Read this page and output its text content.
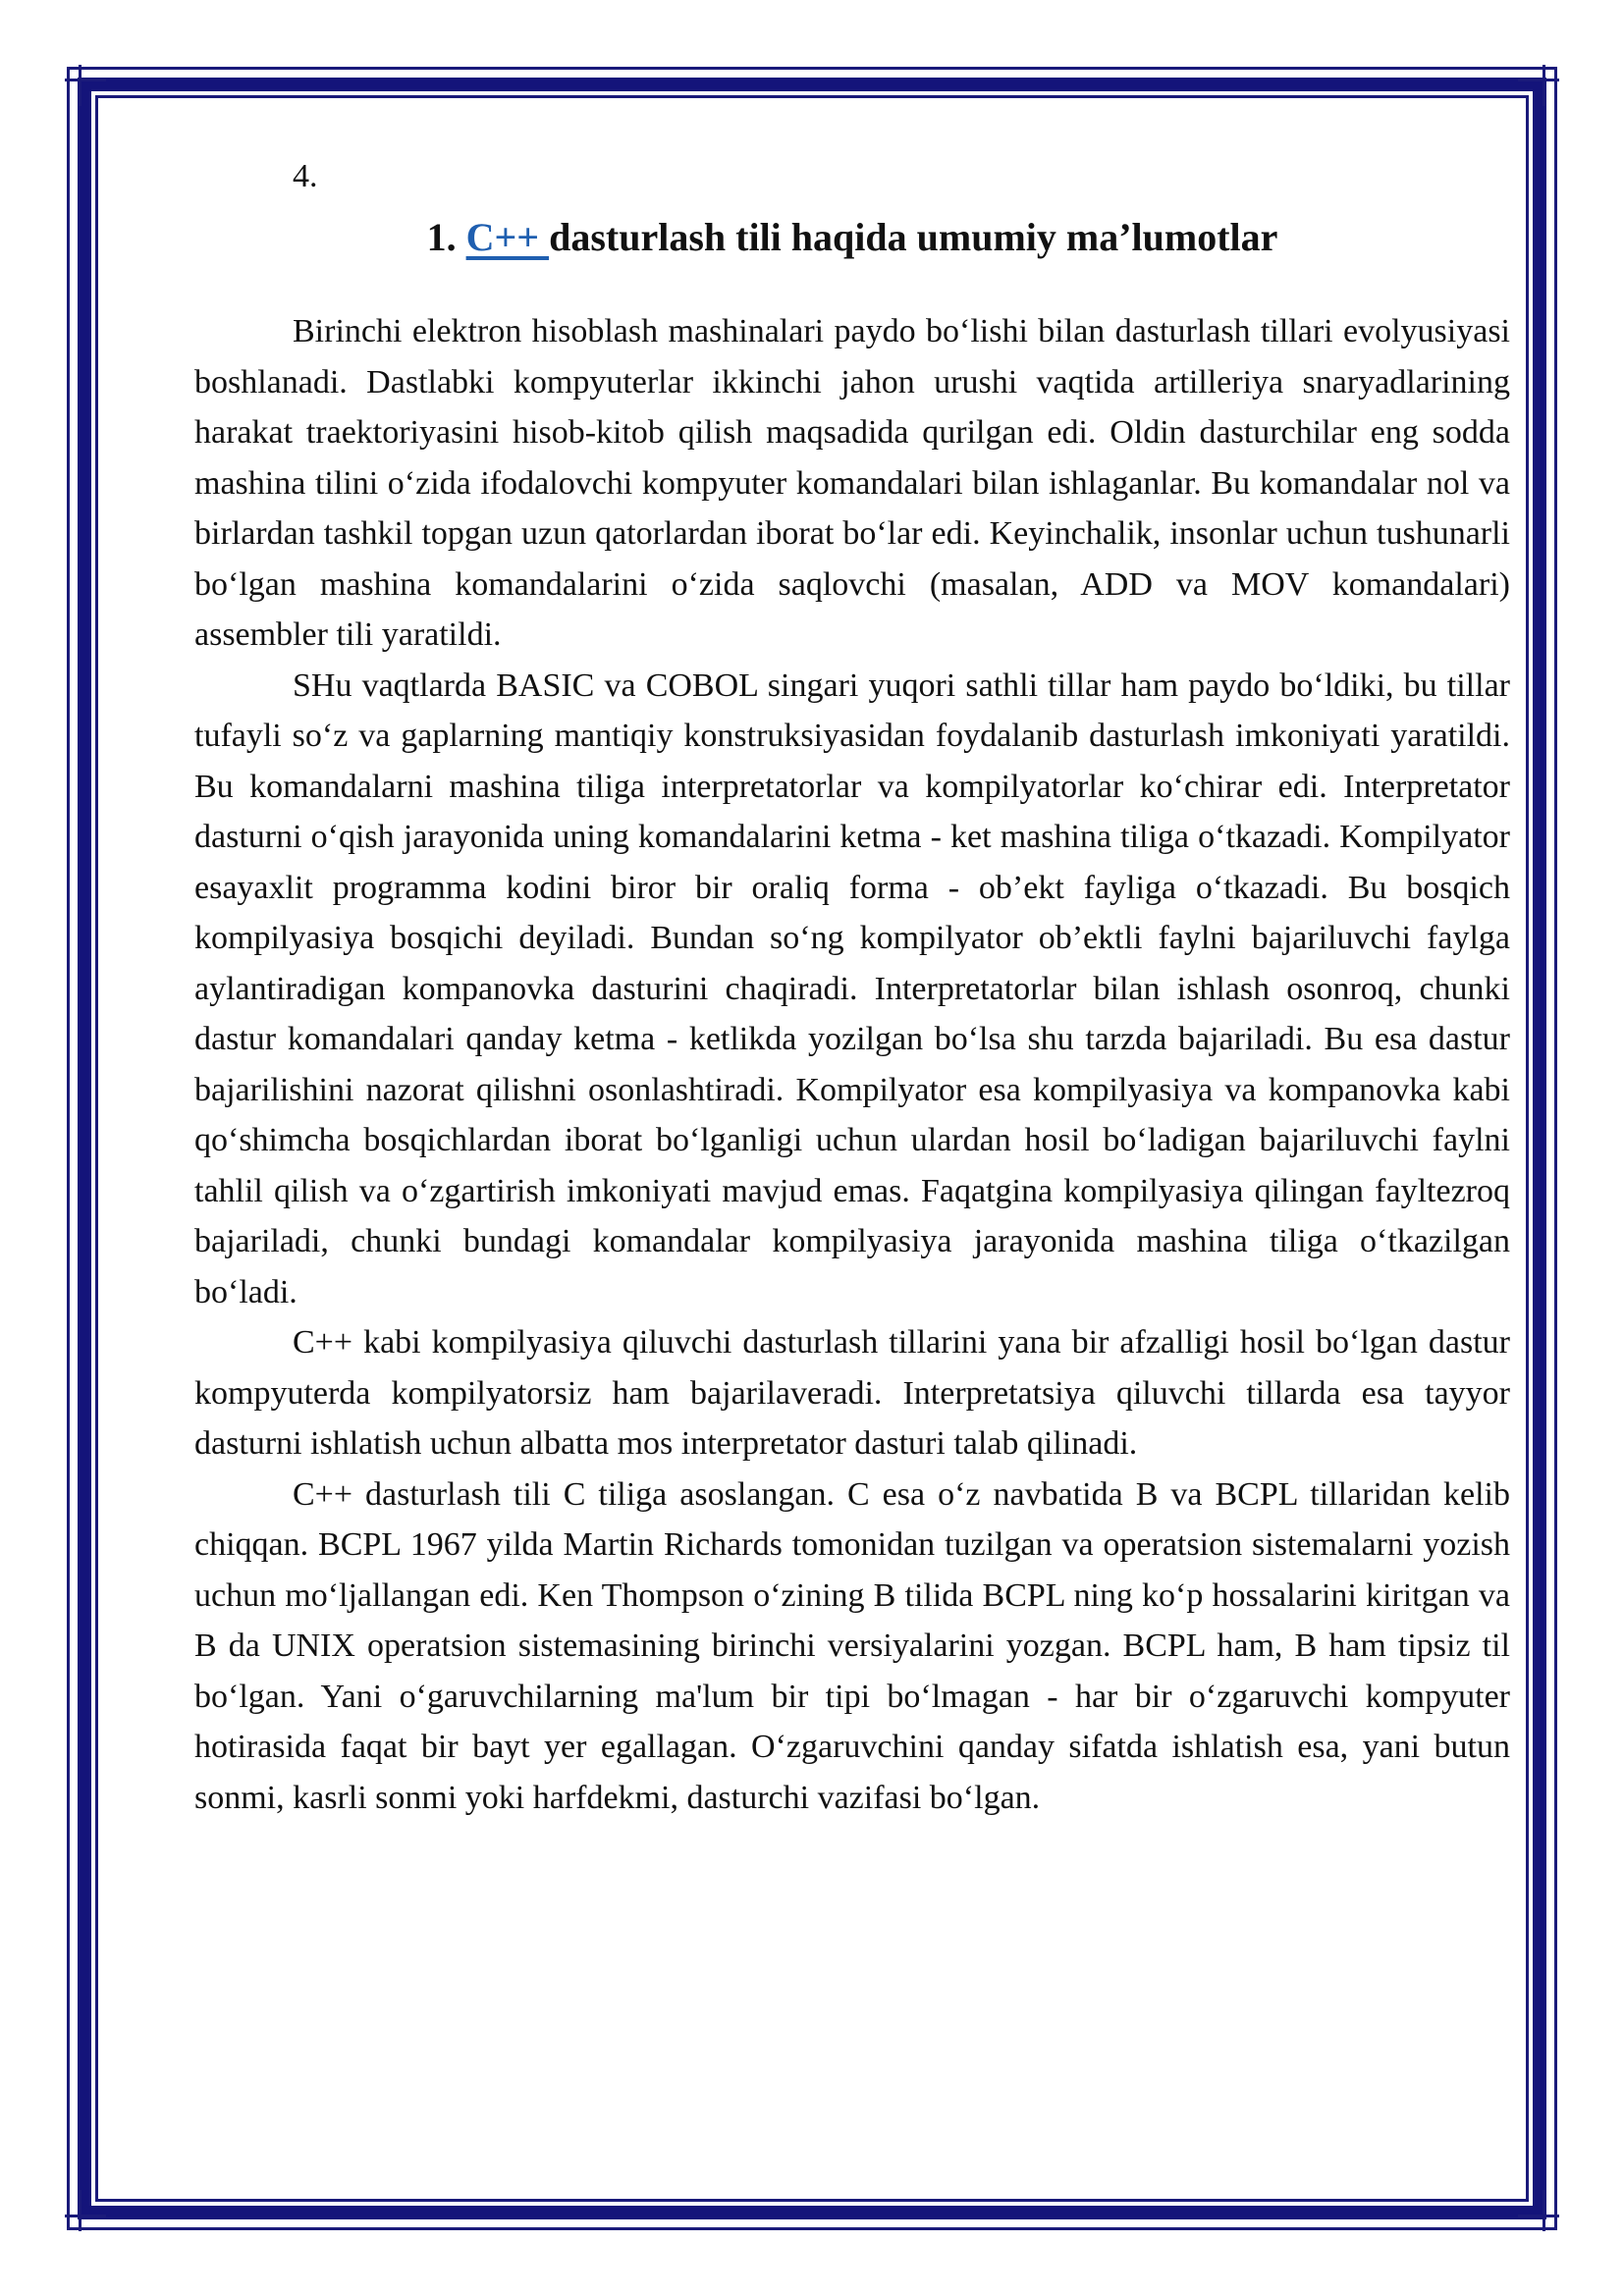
4.
1. C++ dasturlash tili haqida umumiy ma’lumotlar

Birinchi elektron hisoblash mashinalari paydo bo‘lishi bilan dasturlash tillari evolyusiyasi boshlanadi. Dastlabki kompyuterlar ikkinchi jahon urushi vaqtida artilleriya snaryadlarining harakat traektoriyasini hisob-kitob qilish maqsadida qurilgan edi. Oldin dasturchilar eng sodda mashina tilini o‘zida ifodalovchi kompyuter komandalari bilan ishlaganlar. Bu komandalar nol va birlardan tashkil topgan uzun qatorlardan iborat bo‘lar edi. Keyinchalik, insonlar uchun tushunarli bo‘lgan mashina komandalarini o‘zida saqlovchi (masalan, ADD va MOV komandalari) assembler tili yaratildi.

SHu vaqtlarda BASIC va COBOL singari yuqori sathli tillar ham paydo bo‘ldiki, bu tillar tufayli so‘z va gaplarning mantiqiy konstruksiyasidan foydalanib dasturlash imkoniyati yaratildi. Bu komandalarni mashina tiliga interpretatorlar va kompilyatorlar ko‘chirar edi. Interpretator dasturni o‘qish jarayonida uning komandalarini ketma - ket mashina tiliga o‘tkazadi. Kompilyator esayaxlit programma kodini biror bir oraliq forma - ob’ekt fayliga o‘tkazadi. Bu bosqich kompilyasiya bosqichi deyiladi. Bundan so‘ng kompilyator ob’ektli faylni bajariluvchi faylga aylantiradigan kompanovka dasturini chaqiradi. Interpretatorlar bilan ishlash osonroq, chunki dastur komandalari qanday ketma - ketlikda yozilgan bo‘lsa shu tarzda bajariladi. Bu esa dastur bajarilishini nazorat qilishni osonlashtiradi. Kompilyator esa kompilyasiya va kompanovka kabi qo‘shimcha bosqichlardan iborat bo‘lganligi uchun ulardan hosil bo‘ladigan bajariluvchi faylni tahlil qilish va o‘zgartirish imkoniyati mavjud emas. Faqatgina kompilyasiya qilingan fayltezroq bajariladi, chunki bundagi komandalar kompilyasiya jarayonida mashina tiliga o‘tkazilgan bo‘ladi.

C++ kabi kompilyasiya qiluvchi dasturlash tillarini yana bir afzalligi hosil bo‘lgan dastur kompyuterda kompilyatorsiz ham bajarilaveradi. Interpretatsiya qiluvchi tillarda esa tayyor dasturni ishlatish uchun albatta mos interpretator dasturi talab qilinadi.

C++ dasturlash tili C tiliga asoslangan. C esa o‘z navbatida B va BCPL tillaridan kelib chiqqan. BCPL 1967 yilda Martin Richards tomonidan tuzilgan va operatsion sistemalarni yozish uchun mo‘ljallangan edi. Ken Thompson o‘zining B tilida BCPL ning ko‘p hossalarini kiritgan va B da UNIX operatsion sistemasining birinchi versiyalarini yozgan. BCPL ham, B ham tipsiz til bo‘lgan. Yani o‘garuvchilarning ma'lum bir tipi bo‘lmagan - har bir o‘zgaruvchi kompyuter hotirasida faqat bir bayt yer egallagan. O‘zgaruvchini qanday sifatda ishlatish esa, yani butun sonmi, kasrli sonmi yoki harfdekmi, dasturchi vazifasi bo‘lgan.
